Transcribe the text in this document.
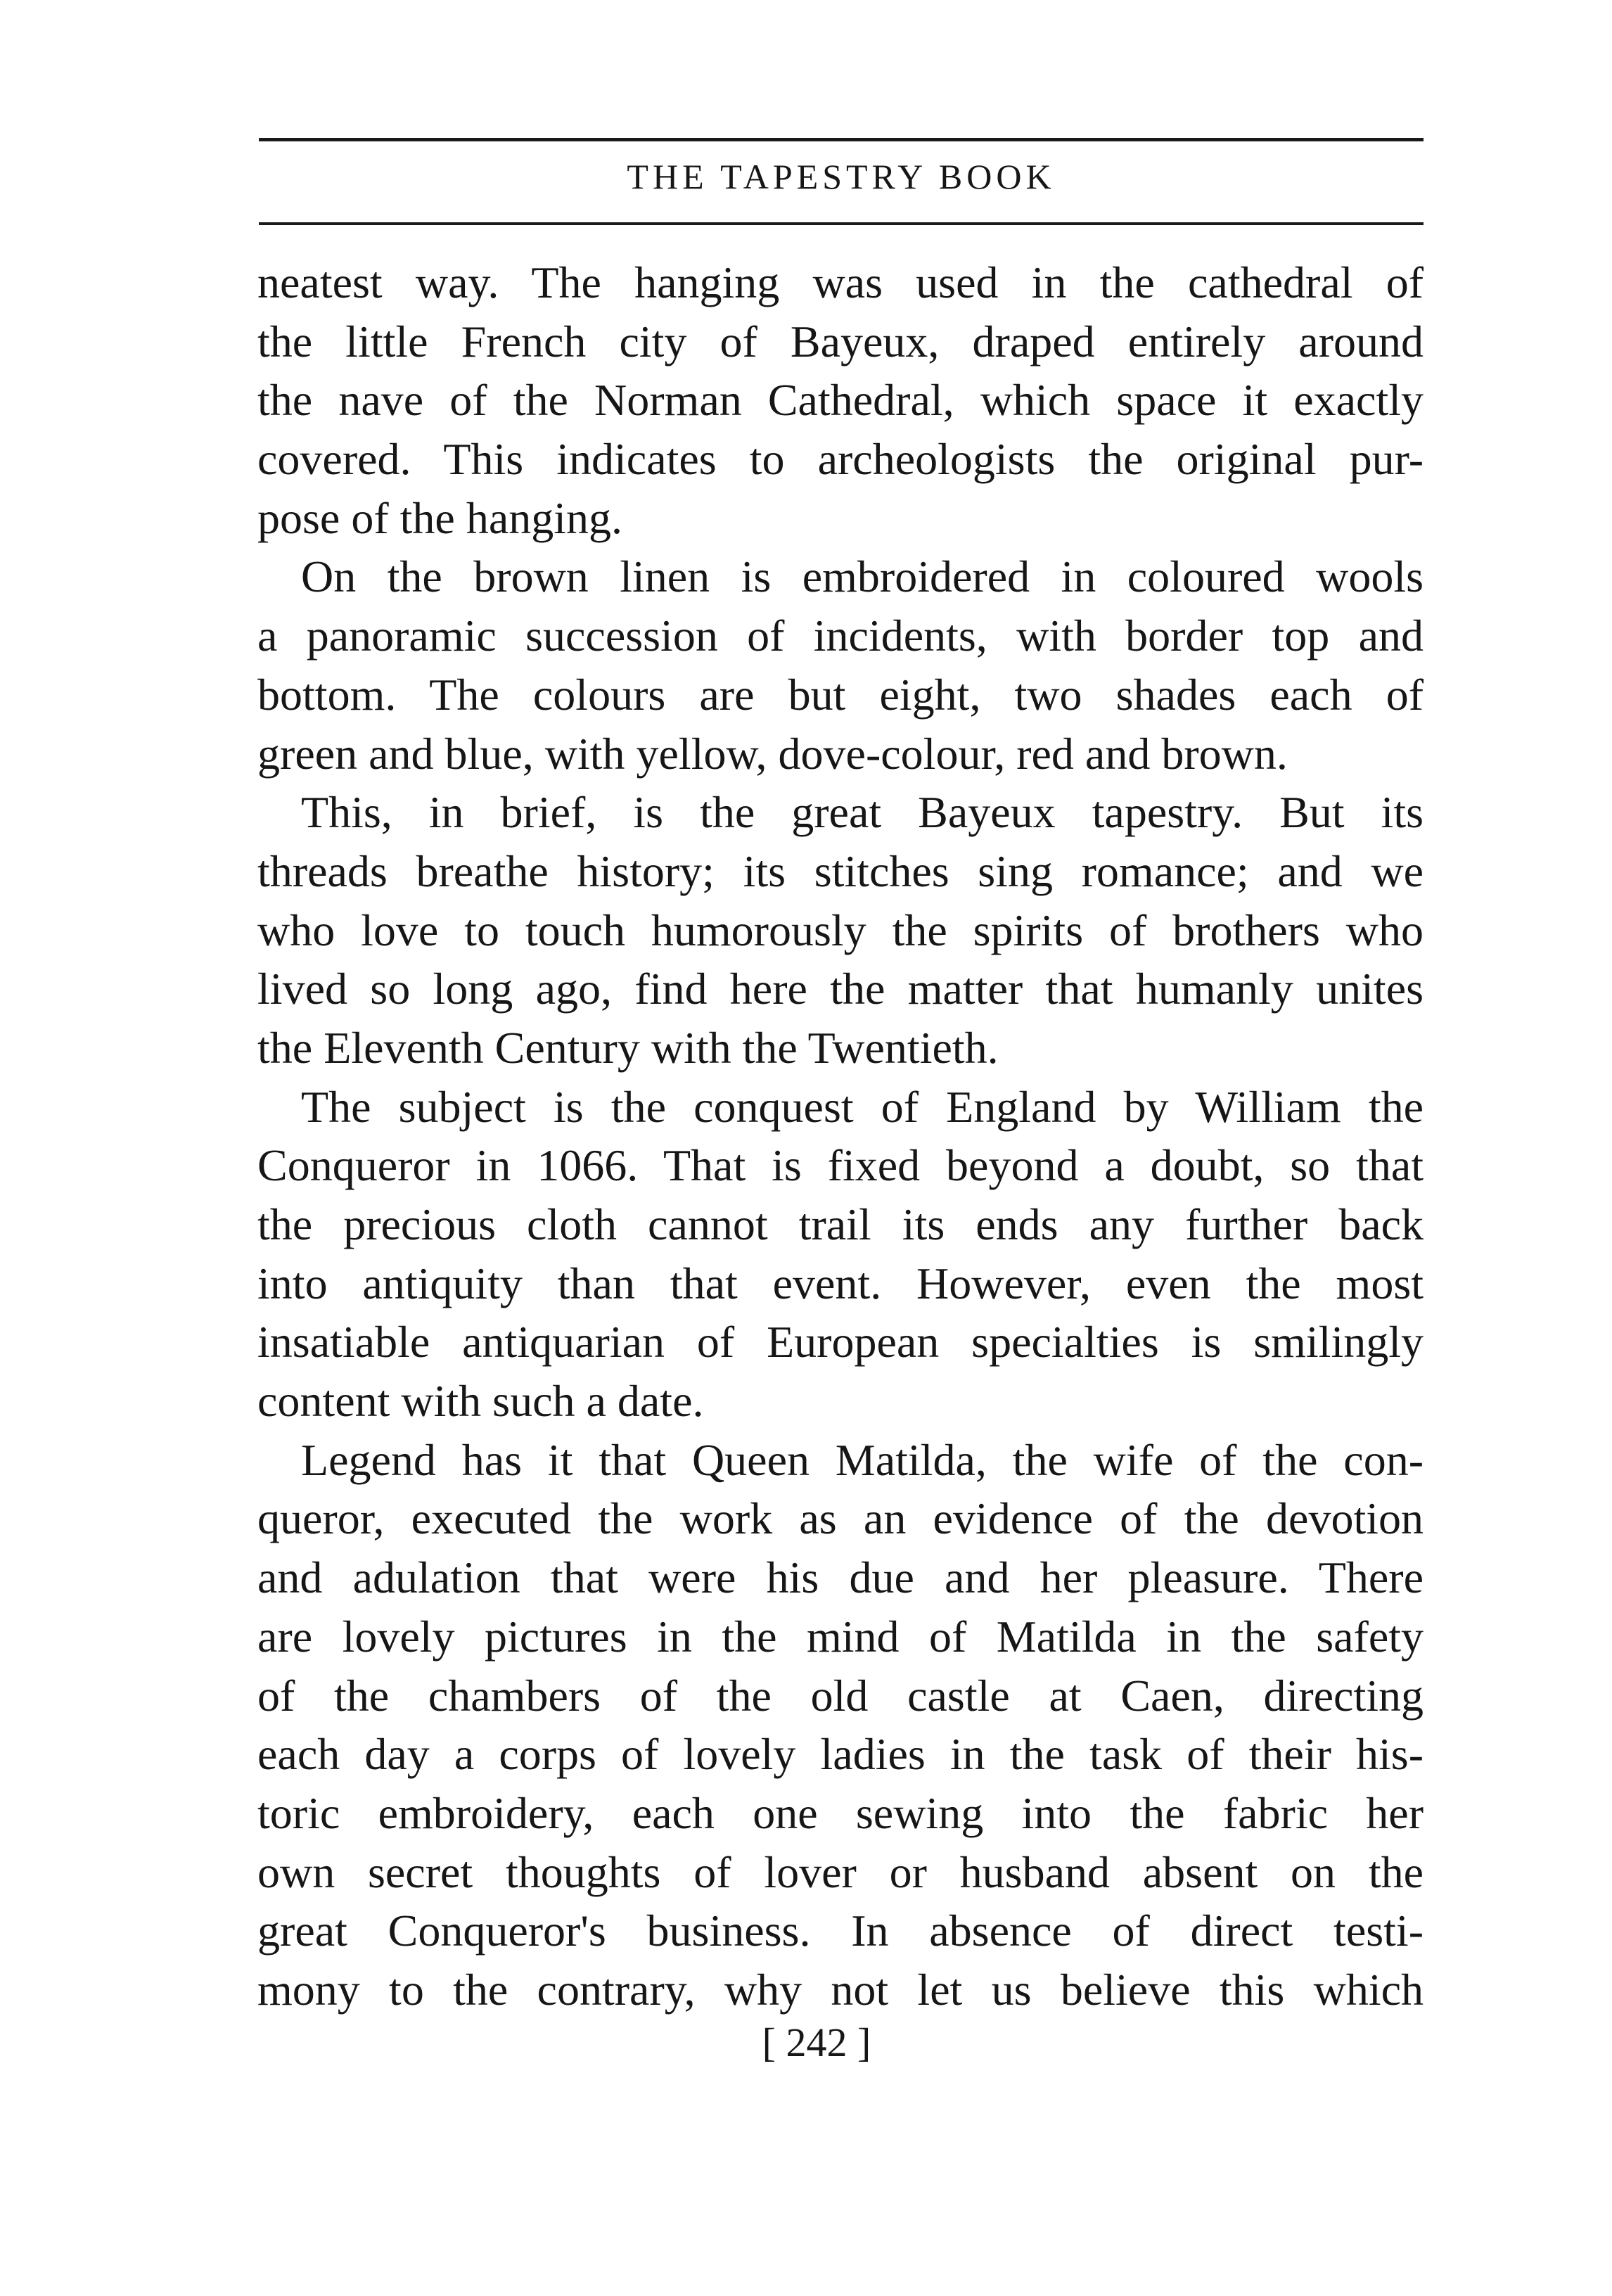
THE TAPESTRY BOOK
neatest way. The hanging was used in the cathedral of
the little French city of Bayeux, draped entirely around
the nave of the Norman Cathedral, which space it exactly
covered. This indicates to archeologists the original pur-
pose of the hanging.
On the brown linen is embroidered in coloured wools
a panoramic succession of incidents, with border top and
bottom. The colours are but eight, two shades each of
green and blue, with yellow, dove-colour, red and brown.
This, in brief, is the great Bayeux tapestry. But its
threads breathe history; its stitches sing romance; and we
who love to touch humorously the spirits of brothers who
lived so long ago, find here the matter that humanly unites
the Eleventh Century with the Twentieth.
The subject is the conquest of England by William the
Conqueror in 1066. That is fixed beyond a doubt, so that
the precious cloth cannot trail its ends any further back
into antiquity than that event. However, even the most
insatiable antiquarian of European specialties is smilingly
content with such a date.
Legend has it that Queen Matilda, the wife of the con-
queror, executed the work as an evidence of the devotion
and adulation that were his due and her pleasure. There
are lovely pictures in the mind of Matilda in the safety
of the chambers of the old castle at Caen, directing
each day a corps of lovely ladies in the task of their his-
toric embroidery, each one sewing into the fabric her
own secret thoughts of lover or husband absent on the
great Conqueror's business. In absence of direct testi-
mony to the contrary, why not let us believe this which
[ 242 ]
